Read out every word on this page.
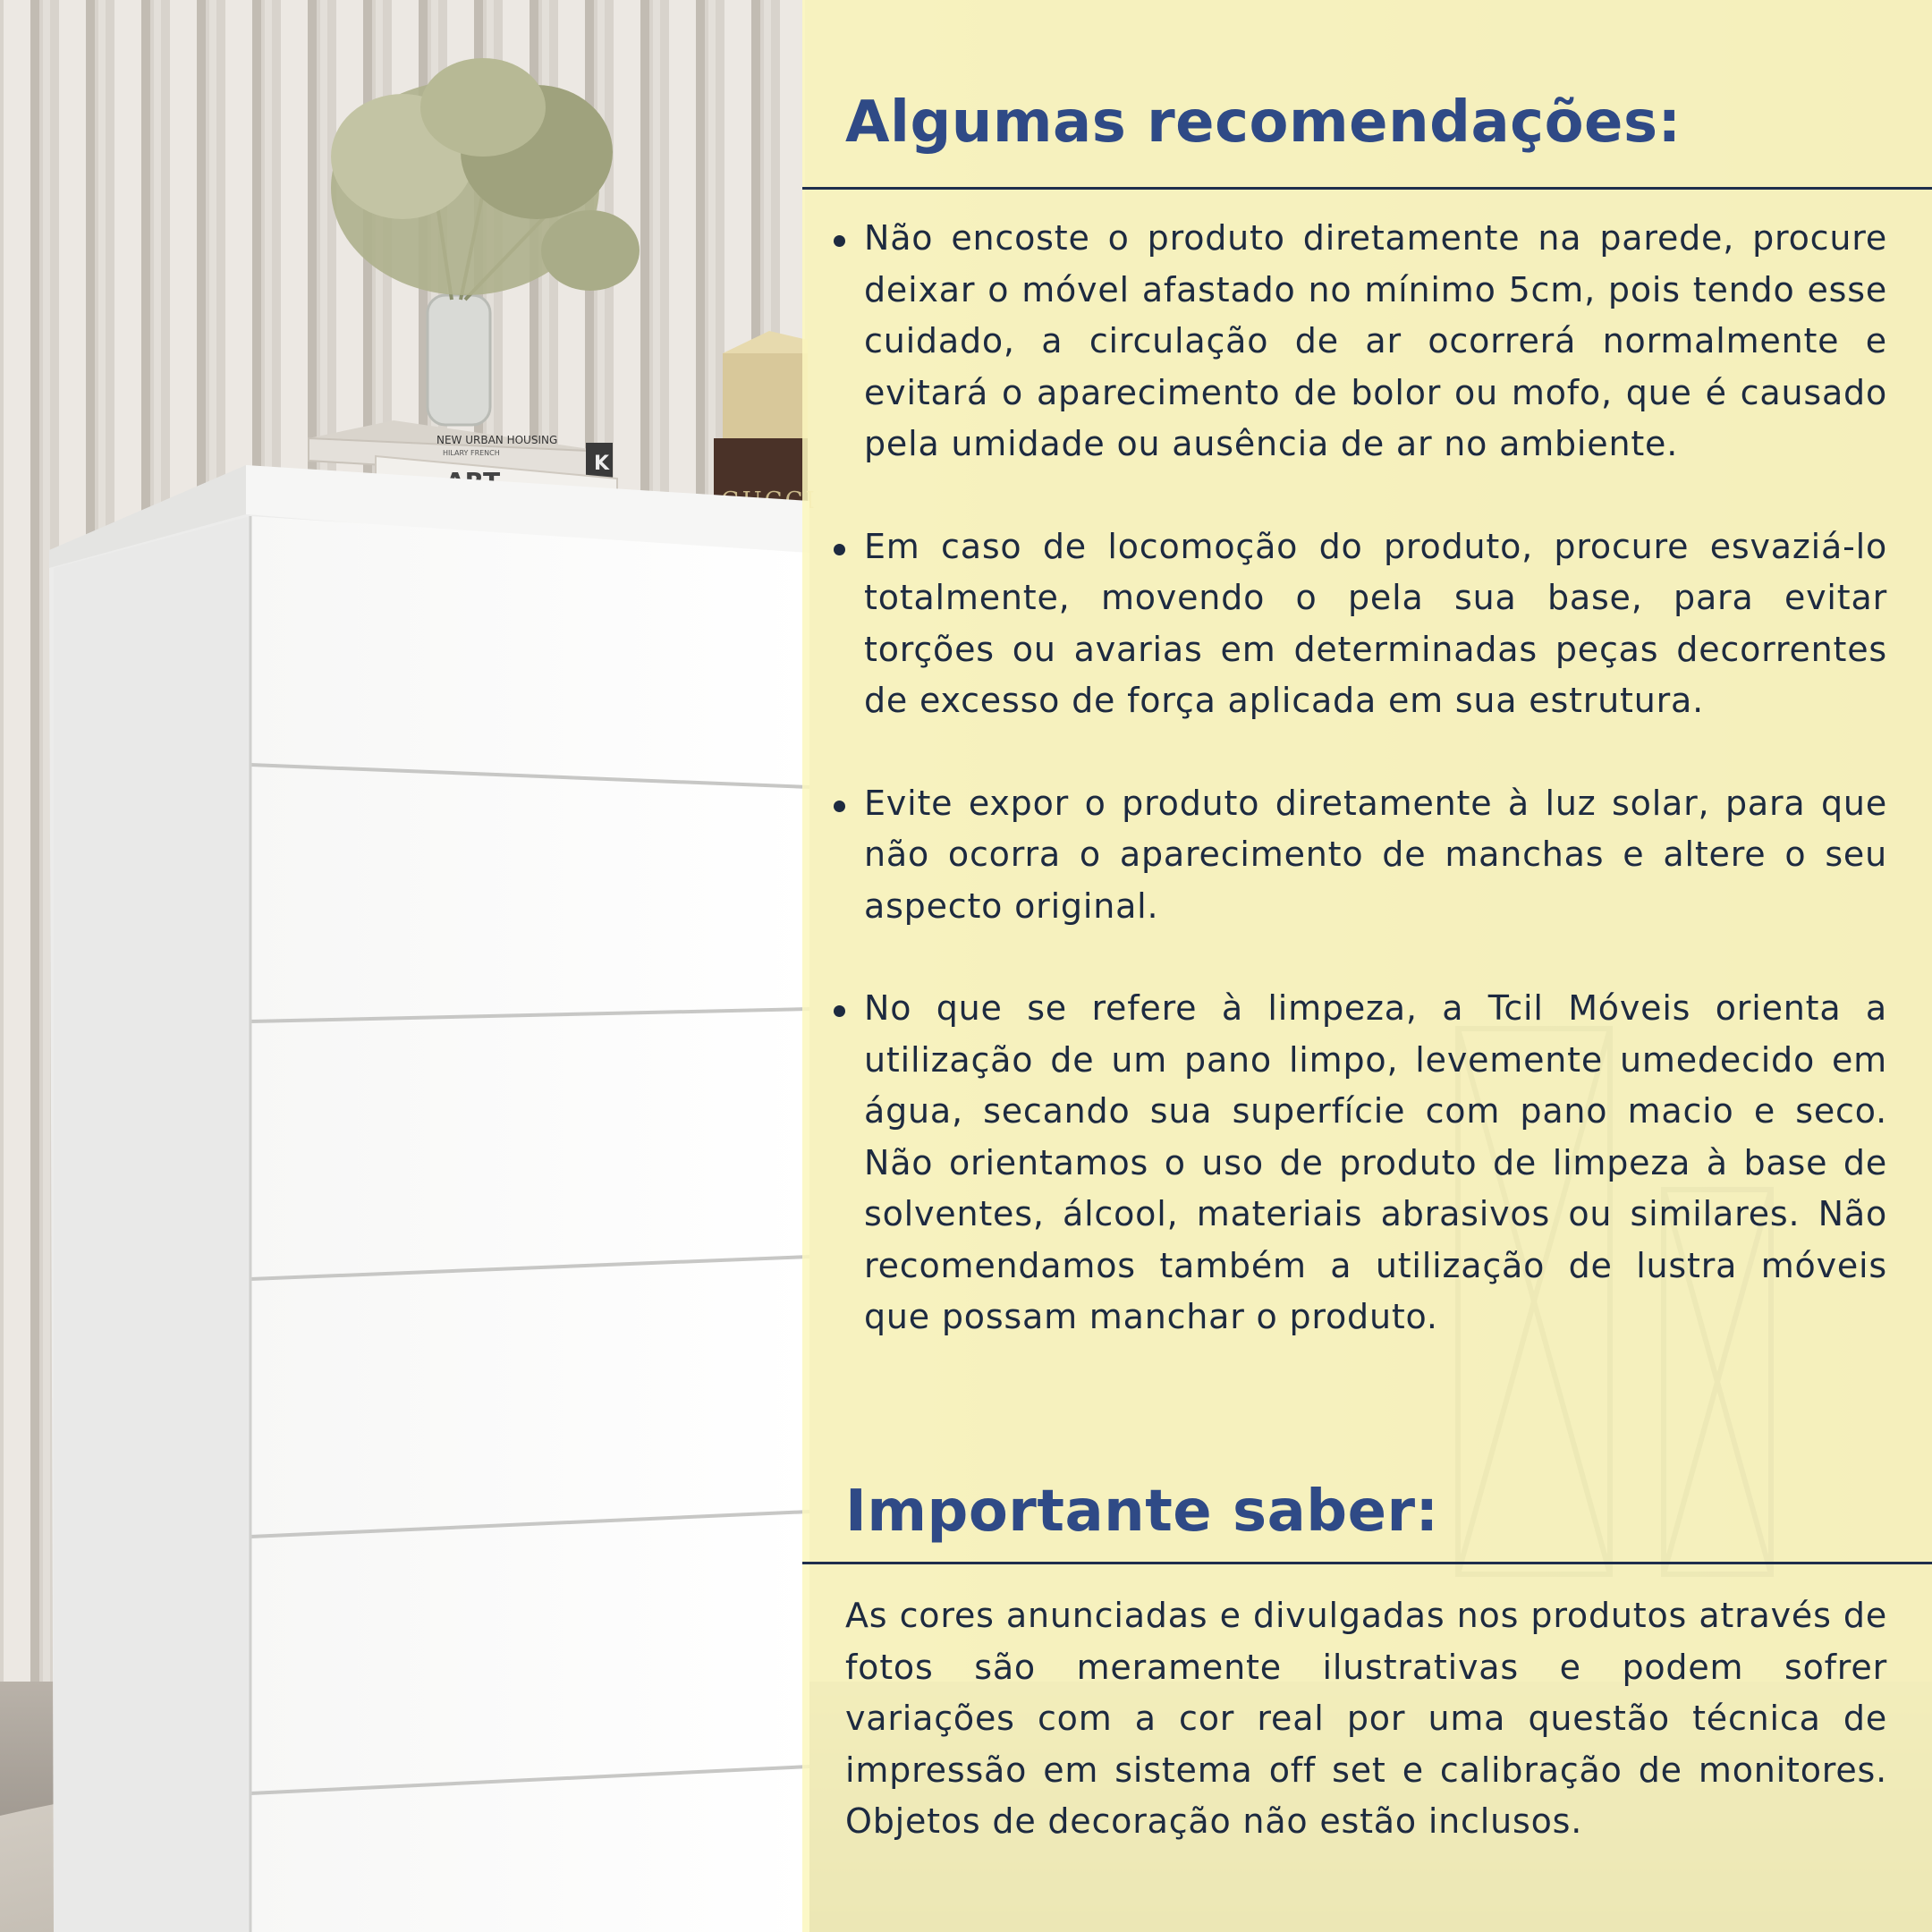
NEW URBAN HOUSING
HILARY FRENCH	K
Algumas recomendações:
Não encoste o produto diretamente na parede, procure deixar o móvel afastado no mínimo 5cm, pois tendo esse cuidado, a circulação de ar ocorrerá normalmente e evitará o aparecimento de bolor ou mofo, que é causado pela umidade ou ausência de ar no ambiente.
Em caso de locomoção do produto, procure esvaziá-lo totalmente, movendo o pela sua base, para evitar torções ou avarias em determinadas peças decorrentes de excesso de força aplicada em sua estrutura.
Evite expor o produto diretamente à luz solar, para que não ocorra o aparecimento de manchas e altere o seu aspecto original.
No que se refere à limpeza, a Tcil Móveis orienta a utilização de um pano limpo, levemente umedecido em água, secando sua superfície com pano macio e seco. Não orientamos o uso de produto de limpeza à base de solventes, álcool, materiais abrasivos ou similares. Não recomendamos também a utilização de lustra móveis que possam manchar o produto.
Importante saber:

As cores anunciadas e divulgadas nos produtos através de fotos são meramente ilustrativas e podem sofrer variações com a cor real por uma questão técnica de impressão em sistema off set e calibração de monitores. Objetos de decoração não estão inclusos.
